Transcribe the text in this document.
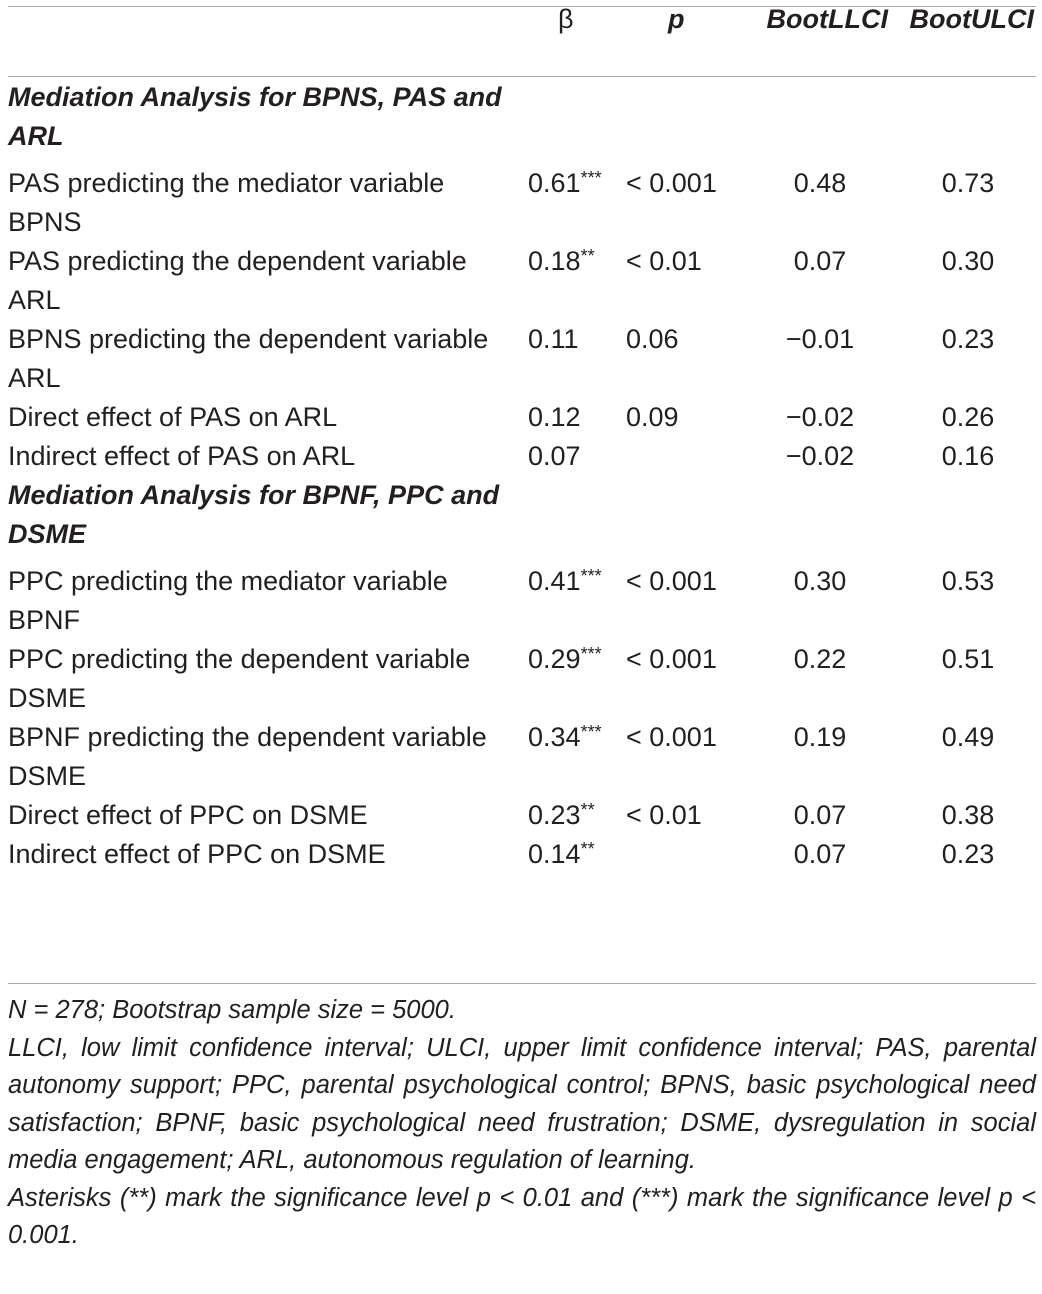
	β	p	BootLLCI	BootULCI
Mediation Analysis for BPNS, PAS and ARL				
PAS predicting the mediator variable BPNS	0.61***	< 0.001	0.48	0.73
PAS predicting the dependent variable ARL	0.18**	< 0.01	0.07	0.30
BPNS predicting the dependent variable ARL	0.11	0.06	−0.01	0.23
Direct effect of PAS on ARL	0.12	0.09	−0.02	0.26
Indirect effect of PAS on ARL	0.07		−0.02	0.16
Mediation Analysis for BPNF, PPC and DSME				
PPC predicting the mediator variable BPNF	0.41***	< 0.001	0.30	0.53
PPC predicting the dependent variable DSME	0.29***	< 0.001	0.22	0.51
BPNF predicting the dependent variable DSME	0.34***	< 0.001	0.19	0.49
Direct effect of PPC on DSME	0.23**	< 0.01	0.07	0.38
Indirect effect of PPC on DSME	0.14**		0.07	0.23

N = 278; Bootstrap sample size = 5000.

LLCI, low limit confidence interval; ULCI, upper limit confidence interval; PAS, parental autonomy support; PPC, parental psychological control; BPNS, basic psychological need satisfaction; BPNF, basic psychological need frustration; DSME, dysregulation in social media engagement; ARL, autonomous regulation of learning.

Asterisks (**) mark the significance level p < 0.01 and (***) mark the significance level p < 0.001.
